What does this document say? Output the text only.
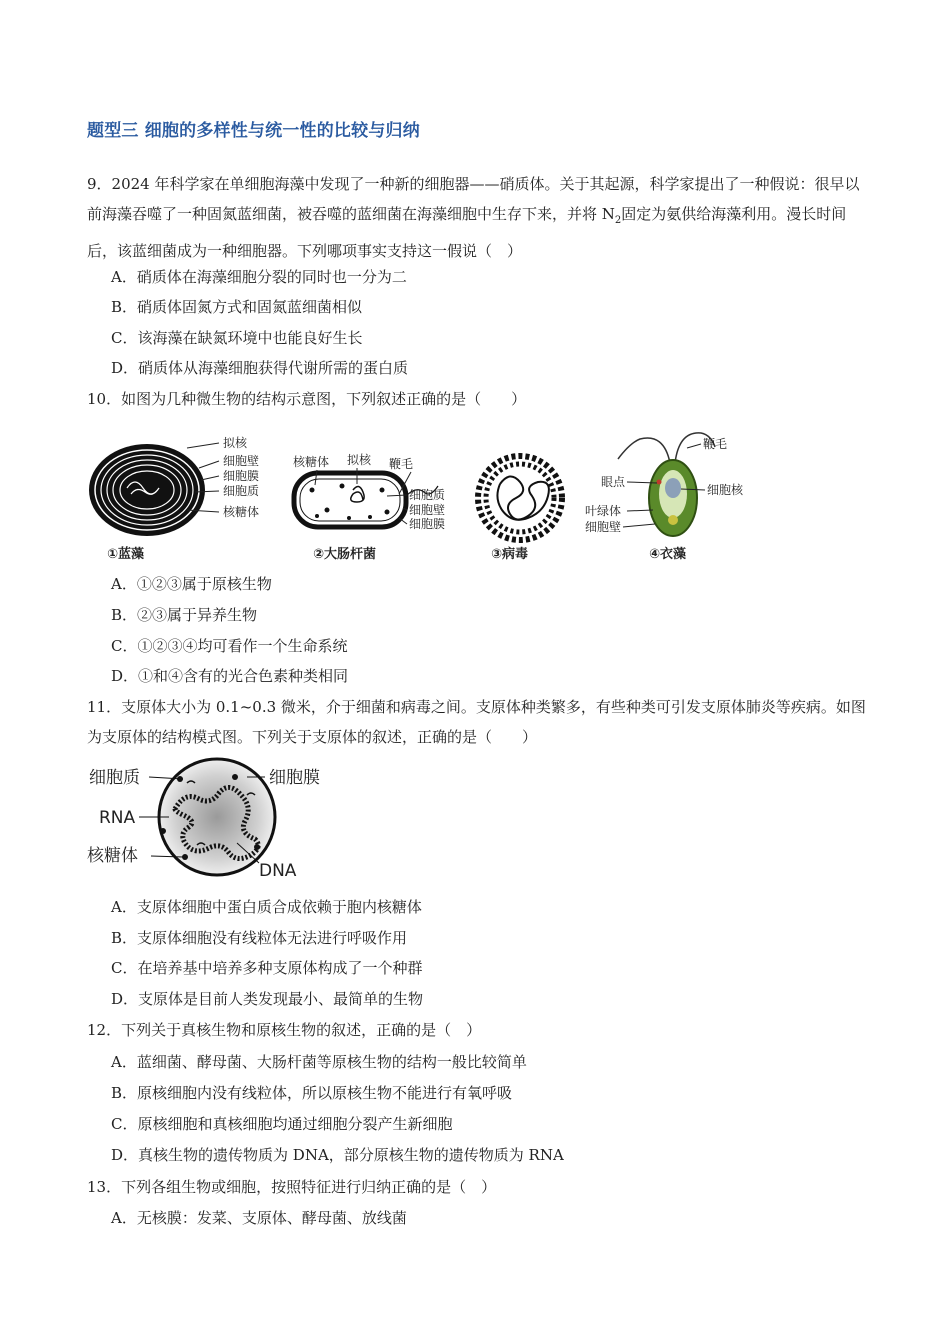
题型三 细胞的多样性与统一性的比较与归纳

9．2024 年科学家在单细胞海藻中发现了一种新的细胞器——硝质体。关于其起源，科学家提出了一种假说：很早以前海藻吞噬了一种固氮蓝细菌，被吞噬的蓝细菌在海藻细胞中生存下来，并将 $N_2$固定为氨供给海藻利用。漫长时间后，该蓝细菌成为一种细胞器。下列哪项事实支持这一假说（　）

A．硝质体在海藻细胞分裂的同时也一分为二
B．硝质体固氮方式和固氮蓝细菌相似
C．该海藻在缺氮环境中也能良好生长
D．硝质体从海藻细胞获得代谢所需的蛋白质
10．如图为几种微生物的结构示意图，下列叙述正确的是（　　）
拟核
细胞壁
细胞膜
细胞质
核糖体
①蓝藻
核糖体 拟核 鞭毛
细胞质
细胞壁
细胞膜
②大肠杆菌	③病毒
鞭毛
眼点
细胞核
叶绿体
细胞壁
④衣藻
A．①②③属于原核生物
B．②③属于异养生物
C．①②③④均可看作一个生命系统
D．①和④含有的光合色素种类相同

11．支原体大小为 0.1~0.3 微米，介于细菌和病毒之间。支原体种类繁多，有些种类可引发支原体肺炎等疾病。如图为支原体的结构模式图。下列关于支原体的叙述，正确的是（　　）

细胞质	细胞膜
RNA
核糖体
DNA
A．支原体细胞中蛋白质合成依赖于胞内核糖体
B．支原体细胞没有线粒体无法进行呼吸作用
C．在培养基中培养多种支原体构成了一个种群
D．支原体是目前人类发现最小、最简单的生物
12．下列关于真核生物和原核生物的叙述，正确的是（　）
A．蓝细菌、酵母菌、大肠杆菌等原核生物的结构一般比较简单
B．原核细胞内没有线粒体，所以原核生物不能进行有氧呼吸
C．原核细胞和真核细胞均通过细胞分裂产生新细胞
D．真核生物的遗传物质为 DNA，部分原核生物的遗传物质为 RNA
13．下列各组生物或细胞，按照特征进行归纳正确的是（　）
A．无核膜：发菜、支原体、酵母菌、放线菌
